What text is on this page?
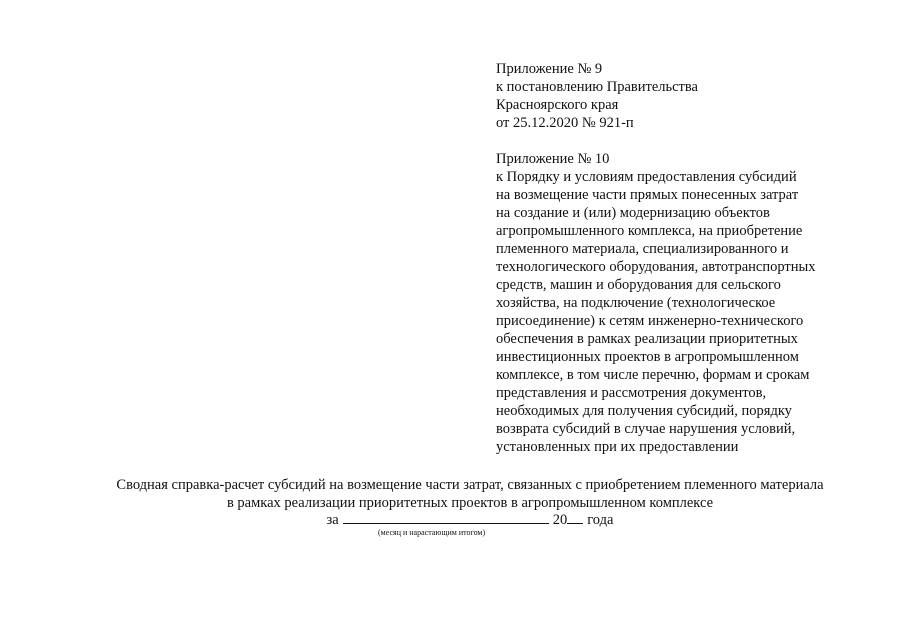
Приложение № 9
к постановлению Правительства
Красноярского края
от 25.12.2020 № 921-п
Приложение № 10
к Порядку и условиям предоставления субсидий
на возмещение части прямых понесенных затрат
на создание и (или) модернизацию объектов
агропромышленного комплекса, на приобретение
племенного материала, специализированного и
технологического оборудования, автотранспортных
средств, машин и оборудования для сельского
хозяйства, на подключение (технологическое
присоединение) к сетям инженерно-технического
обеспечения в рамках реализации приоритетных
инвестиционных проектов в агропромышленном
комплексе, в том числе перечню, формам и срокам
представления и рассмотрения документов,
необходимых для получения субсидий, порядку
возврата субсидий в случае нарушения условий,
установленных при их предоставлении
Сводная справка-расчет субсидий на возмещение части затрат, связанных с приобретением племенного материала
в рамках реализации приоритетных проектов в агропромышленном комплексе
за	20 года
(месяц и нарастающим итогом)
